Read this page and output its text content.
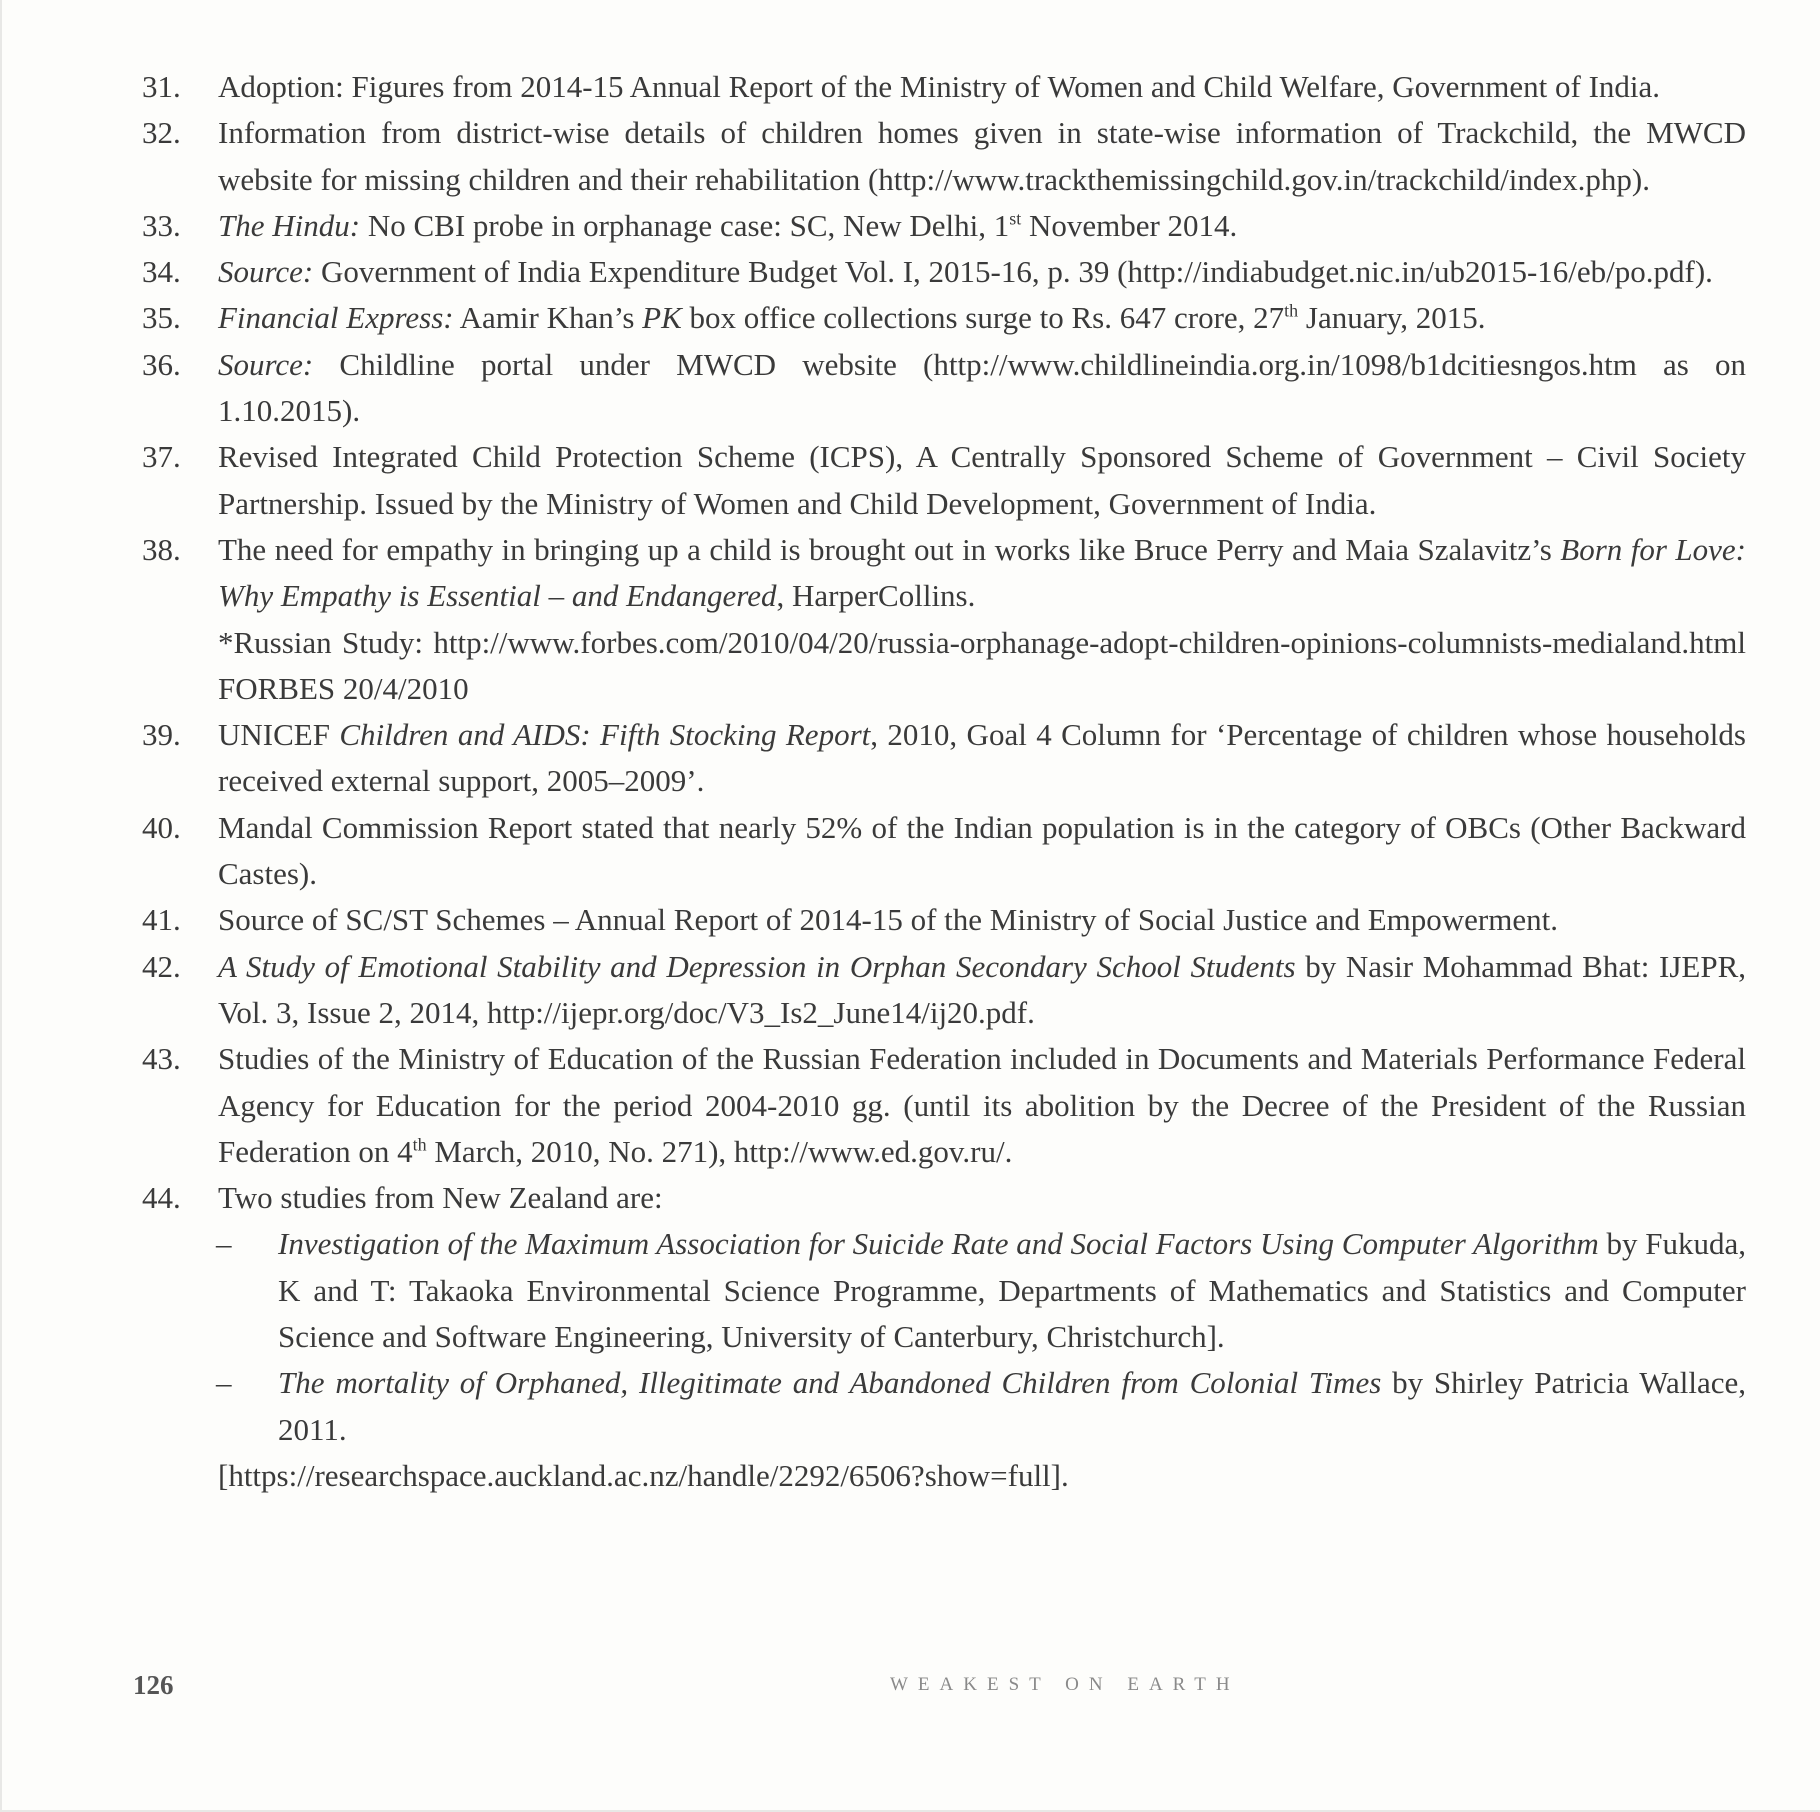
31.	Adoption: Figures from 2014-15 Annual Report of the Ministry of Women and Child Welfare, Government of India.
32.	Information from district-wise details of children homes given in state-wise information of Trackchild, the MWCD website for missing children and their rehabilitation (http://www.trackthemissingchild.gov.in/trackchild/index.php).
33.	The Hindu: No CBI probe in orphanage case: SC, New Delhi, 1st November 2014.
34.	Source: Government of India Expenditure Budget Vol. I, 2015-16, p. 39 (http://indiabudget.nic.in/ub2015-16/eb/po.pdf).
35.	Financial Express: Aamir Khan’s PK box office collections surge to Rs. 647 crore, 27th January, 2015.
36.	Source: Childline portal under MWCD website (http://www.childlineindia.org.in/1098/b1dcitiesngos.htm as on 1.10.2015).
37.	Revised Integrated Child Protection Scheme (ICPS), A Centrally Sponsored Scheme of Government – Civil Society Partnership. Issued by the Ministry of Women and Child Development, Government of India.
38.	The need for empathy in bringing up a child is brought out in works like Bruce Perry and Maia Szalavitz’s Born for Love: Why Empathy is Essential – and Endangered, HarperCollins.
*Russian Study: http://www.forbes.com/2010/04/20/russia-orphanage-adopt-children-opinions-columnists-medialand.html FORBES 20/4/2010
39.	UNICEF Children and AIDS: Fifth Stocking Report, 2010, Goal 4 Column for ‘Percentage of children whose households received external support, 2005–2009’.
40.	Mandal Commission Report stated that nearly 52% of the Indian population is in the category of OBCs (Other Backward Castes).
41.	Source of SC/ST Schemes – Annual Report of 2014-15 of the Ministry of Social Justice and Empowerment.
42.	A Study of Emotional Stability and Depression in Orphan Secondary School Students by Nasir Mohammad Bhat: IJEPR, Vol. 3, Issue 2, 2014, http://ijepr.org/doc/V3_Is2_June14/ij20.pdf.
43.	Studies of the Ministry of Education of the Russian Federation included in Documents and Materials Performance Federal Agency for Education for the period 2004-2010 gg. (until its abolition by the Decree of the President of the Russian Federation on 4th March, 2010, No. 271), http://www.ed.gov.ru/.
44.	Two studies from New Zealand are:
–	Investigation of the Maximum Association for Suicide Rate and Social Factors Using Computer Algorithm by Fukuda, K and T: Takaoka Environmental Science Programme, Departments of Mathematics and Statistics and Computer Science and Software Engineering, University of Canterbury, Christchurch].
–	The mortality of Orphaned, Illegitimate and Abandoned Children from Colonial Times by Shirley Patricia Wallace, 2011.
[https://researchspace.auckland.ac.nz/handle/2292/6506?show=full].
126	WEAKEST ON EARTH
